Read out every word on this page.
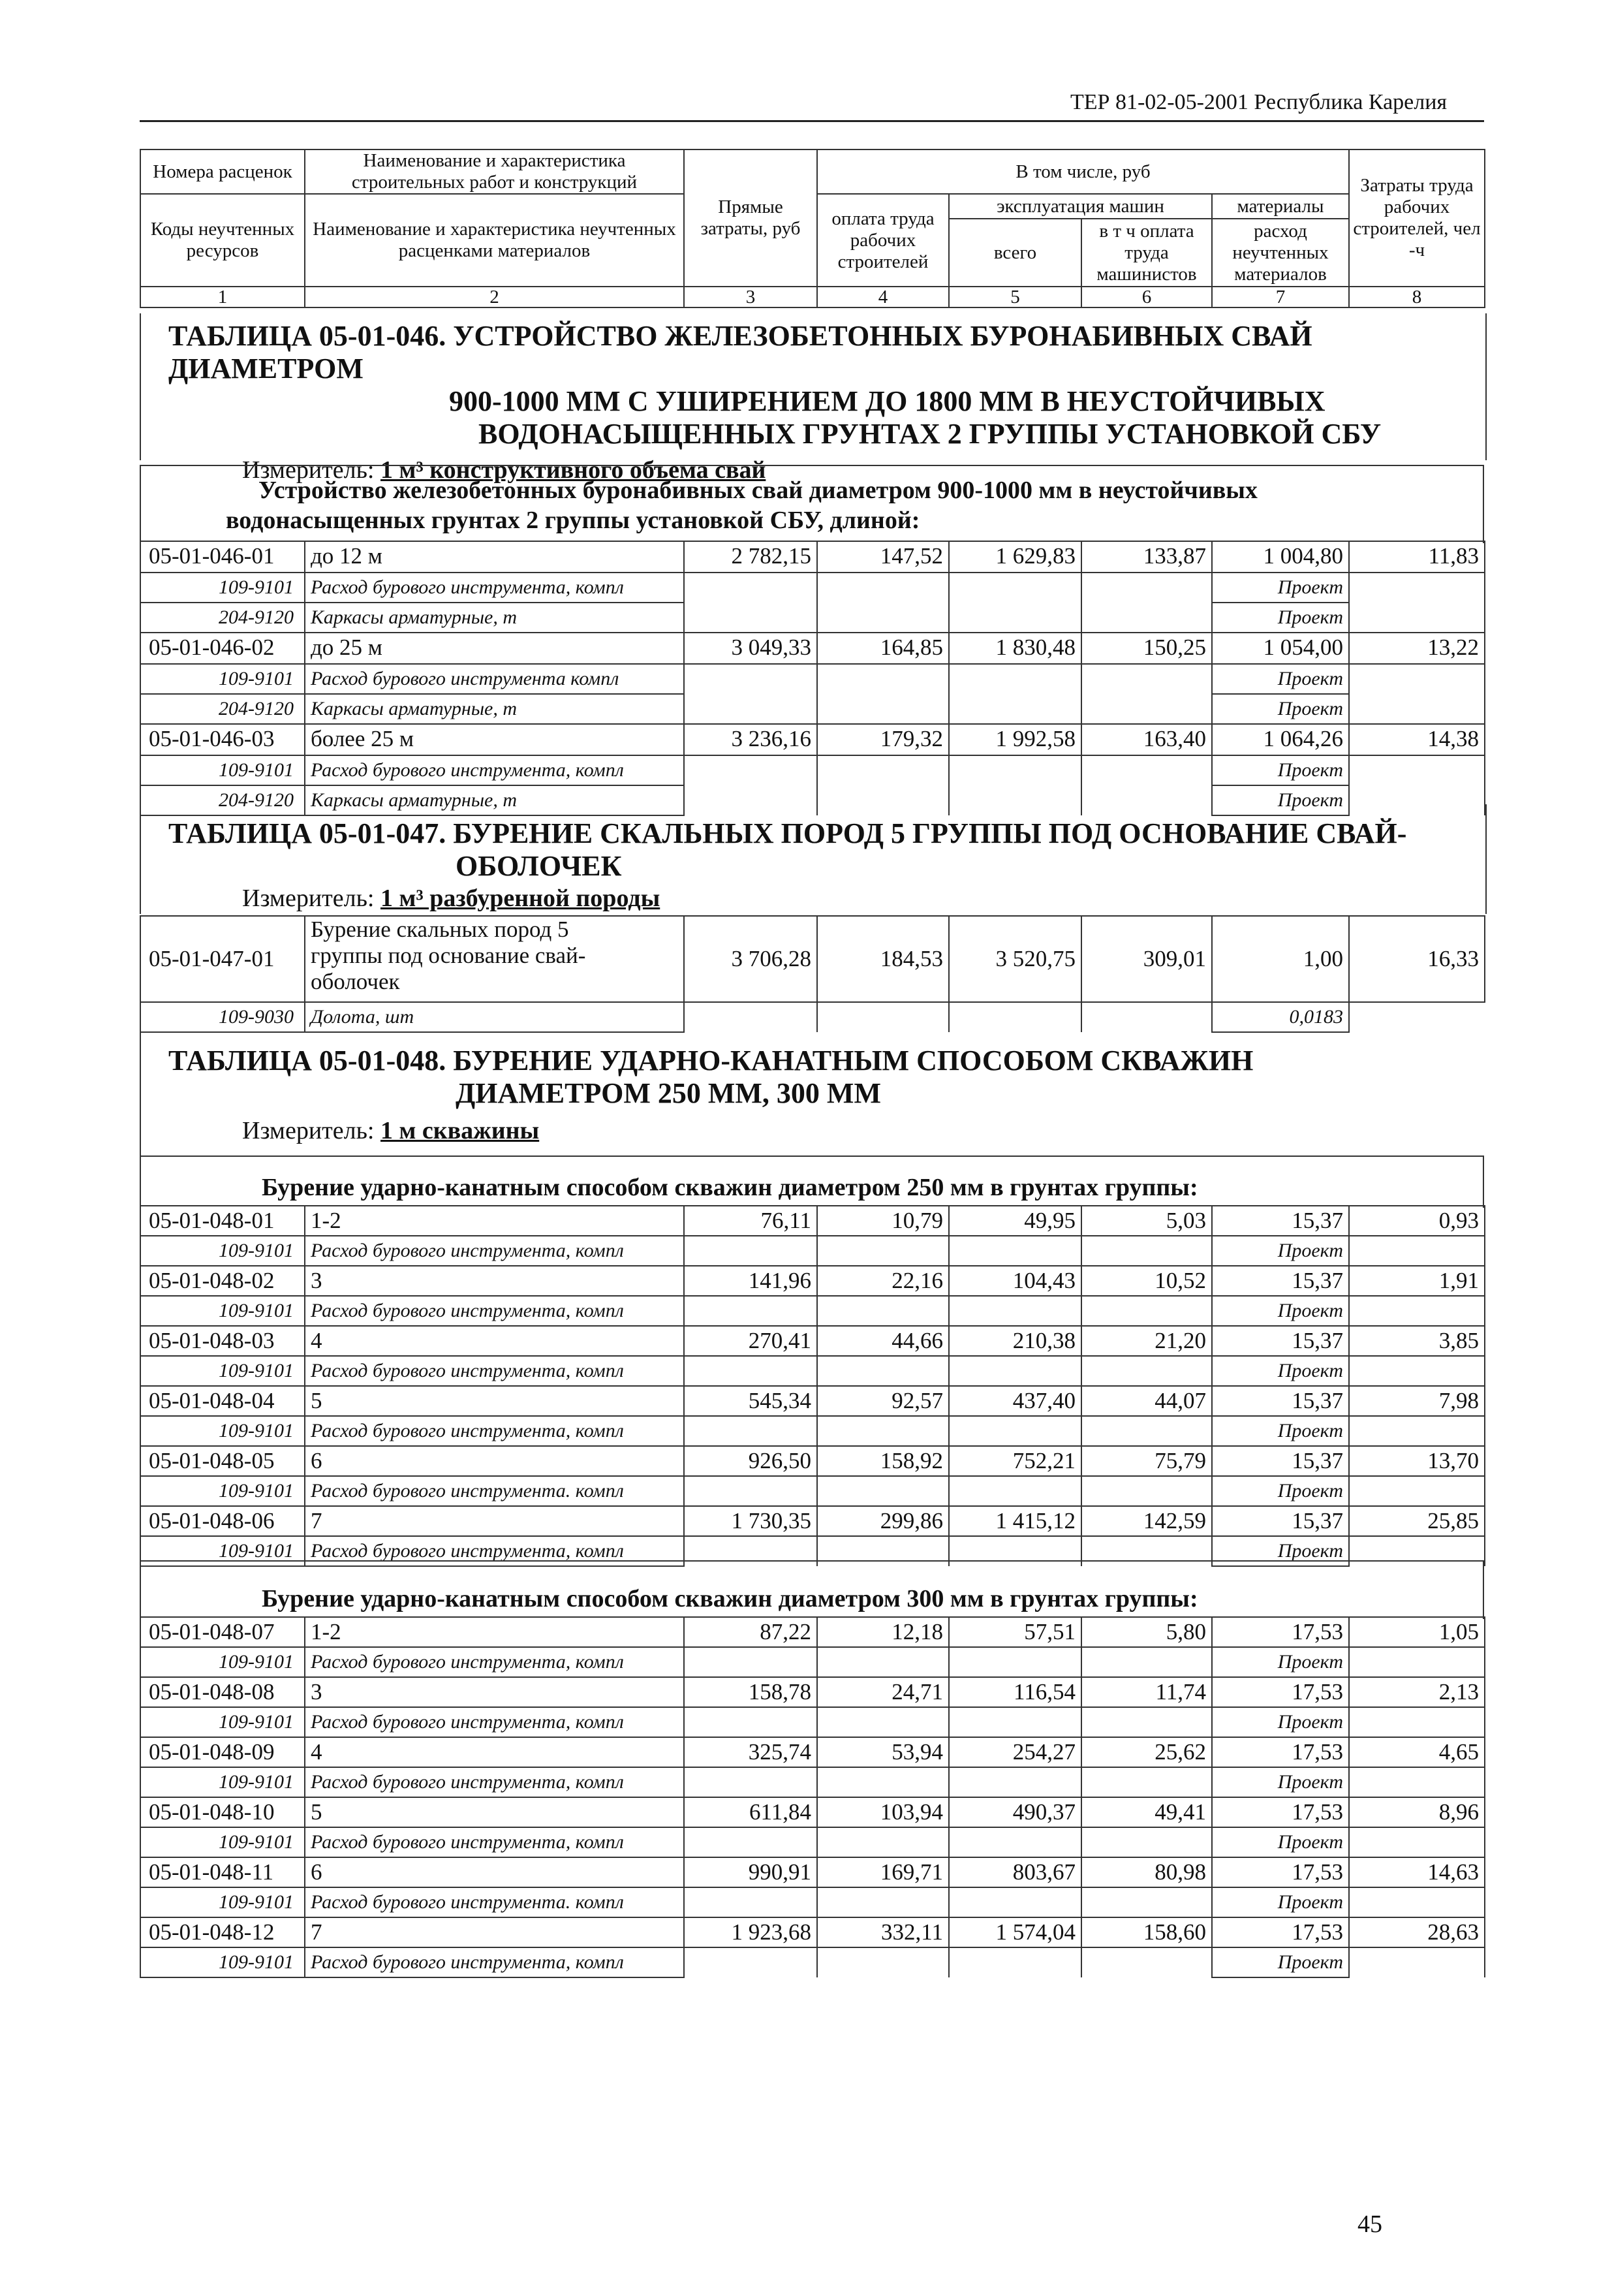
ТЕР 81-02-05-2001 Республика Карелия
Номера расценок	Наименование и характеристика строительных работ и конструкций	Прямые затраты, руб	В том числе, руб				Затраты труда рабочих строителей, чел -ч
Коды неучтенных ресурсов	Наименование и характеристика неучтенных расценками материалов		оплата труда рабочих строителей	эксплуатация машин		материалы	
				всего	в т ч оплата труда машинистов	расход неучтенных материалов	
1	2	3	4	5	6	7	8
ТАБЛИЦА 05-01-046. УСТРОЙСТВО ЖЕЛЕЗОБЕТОННЫХ БУРОНАБИВНЫХ СВАЙ ДИАМЕТРОМ
900-1000 ММ С УШИРЕНИЕМ ДО 1800 ММ В НЕУСТОЙЧИВЫХ
ВОДОНАСЫЩЕННЫХ ГРУНТАХ 2 ГРУППЫ УСТАНОВКОЙ СБУ
Измеритель: 1 м³ конструктивного объема свай
Устройство железобетонных буронабивных свай диаметром 900-1000 мм в неустойчивых
водонасыщенных грунтах 2 группы установкой СБУ, длиной:
05-01-046-01	до 12 м	2 782,15	147,52	1 629,83	133,87	1 004,80	11,83
109-9101	Расход бурового инструмента, компл					Проект	
204-9120	Каркасы арматурные, т					Проект	
05-01-046-02	до 25 м	3 049,33	164,85	1 830,48	150,25	1 054,00	13,22
109-9101	Расход бурового инструмента компл					Проект	
204-9120	Каркасы арматурные, т					Проект	
05-01-046-03	более 25 м	3 236,16	179,32	1 992,58	163,40	1 064,26	14,38
109-9101	Расход бурового инструмента, компл					Проект	
204-9120	Каркасы арматурные, т					Проект	
ТАБЛИЦА 05-01-047. БУРЕНИЕ СКАЛЬНЫХ ПОРОД 5 ГРУППЫ ПОД ОСНОВАНИЕ СВАЙ-
ОБОЛОЧЕК
Измеритель: 1 м³ разбуренной породы
05-01-047-01	Бурение скальных пород 5
группы под основание свай-
оболочек	3 706,28	184,53	3 520,75	309,01	1,00	16,33
109-9030	Долота, шт					0,0183	
ТАБЛИЦА 05-01-048. БУРЕНИЕ УДАРНО-КАНАТНЫМ СПОСОБОМ СКВАЖИН
ДИАМЕТРОМ 250 ММ, 300 ММ
Измеритель: 1 м скважины
Бурение ударно-канатным способом скважин диаметром 250 мм в грунтах группы:
05-01-048-01	1-2	76,11	10,79	49,95	5,03	15,37	0,93
109-9101	Расход бурового инструмента, компл					Проект	
05-01-048-02	3	141,96	22,16	104,43	10,52	15,37	1,91
109-9101	Расход бурового инструмента, компл					Проект	
05-01-048-03	4	270,41	44,66	210,38	21,20	15,37	3,85
109-9101	Расход бурового инструмента, компл					Проект	
05-01-048-04	5	545,34	92,57	437,40	44,07	15,37	7,98
109-9101	Расход бурового инструмента, компл					Проект	
05-01-048-05	6	926,50	158,92	752,21	75,79	15,37	13,70
109-9101	Расход бурового инструмента. компл					Проект	
05-01-048-06	7	1 730,35	299,86	1 415,12	142,59	15,37	25,85
109-9101	Расход бурового инструмента, компл					Проект	
Бурение ударно-канатным способом скважин диаметром 300 мм в грунтах группы:
05-01-048-07	1-2	87,22	12,18	57,51	5,80	17,53	1,05
109-9101	Расход бурового инструмента, компл					Проект	
05-01-048-08	3	158,78	24,71	116,54	11,74	17,53	2,13
109-9101	Расход бурового инструмента, компл					Проект	
05-01-048-09	4	325,74	53,94	254,27	25,62	17,53	4,65
109-9101	Расход бурового инструмента, компл					Проект	
05-01-048-10	5	611,84	103,94	490,37	49,41	17,53	8,96
109-9101	Расход бурового инструмента, компл					Проект	
05-01-048-11	6	990,91	169,71	803,67	80,98	17,53	14,63
109-9101	Расход бурового инструмента. компл					Проект	
05-01-048-12	7	1 923,68	332,11	1 574,04	158,60	17,53	28,63
109-9101	Расход бурового инструмента, компл					Проект	
45
